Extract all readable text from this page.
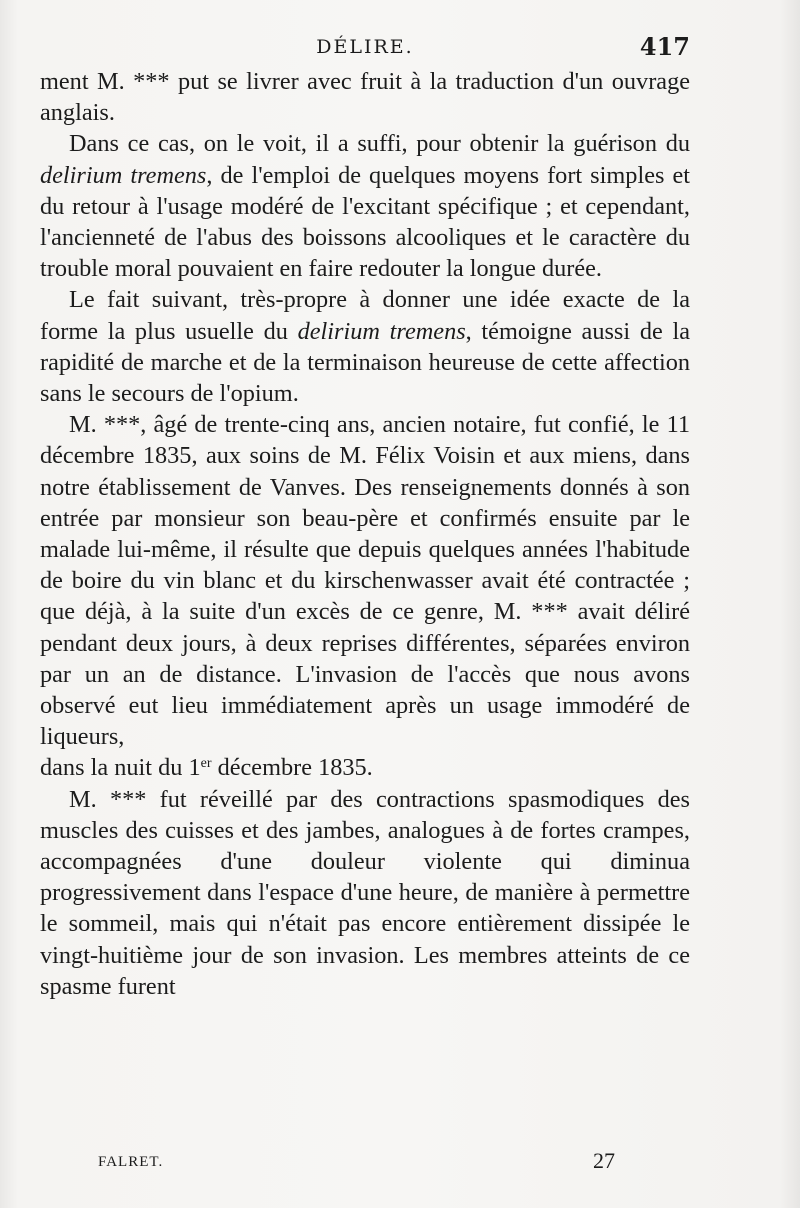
DÉLIRE.	417

ment M. *** put se livrer avec fruit à la traduction d'un ouvrage anglais.

Dans ce cas, on le voit, il a suffi, pour obtenir la guérison du delirium tremens, de l'emploi de quelques moyens fort simples et du retour à l'usage modéré de l'excitant spécifique ; et cependant, l'ancienneté de l'abus des boissons alcooliques et le caractère du trouble moral pouvaient en faire redouter la longue durée.

Le fait suivant, très-propre à donner une idée exacte de la forme la plus usuelle du delirium tremens, témoigne aussi de la rapidité de marche et de la terminaison heureuse de cette affection sans le secours de l'opium.

M. ***, âgé de trente-cinq ans, ancien notaire, fut confié, le 11 décembre 1835, aux soins de M. Félix Voisin et aux miens, dans notre établissement de Vanves. Des renseignements donnés à son entrée par monsieur son beau-père et confirmés ensuite par le malade lui-même, il résulte que depuis quelques années l'habitude de boire du vin blanc et du kirschenwasser avait été contractée ; que déjà, à la suite d'un excès de ce genre, M. *** avait déliré pendant deux jours, à deux reprises différentes, séparées environ par un an de distance. L'invasion de l'accès que nous avons observé eut lieu immédiatement après un usage immodéré de liqueurs,

dans la nuit du 1er décembre 1835.

M. *** fut réveillé par des contractions spasmodiques des muscles des cuisses et des jambes, analogues à de fortes crampes, accompagnées d'une douleur violente qui diminua progressivement dans l'espace d'une heure, de manière à permettre le sommeil, mais qui n'était pas encore entièrement dissipée le vingt-huitième jour de son invasion. Les membres atteints de ce spasme furent

FALRET.	27
